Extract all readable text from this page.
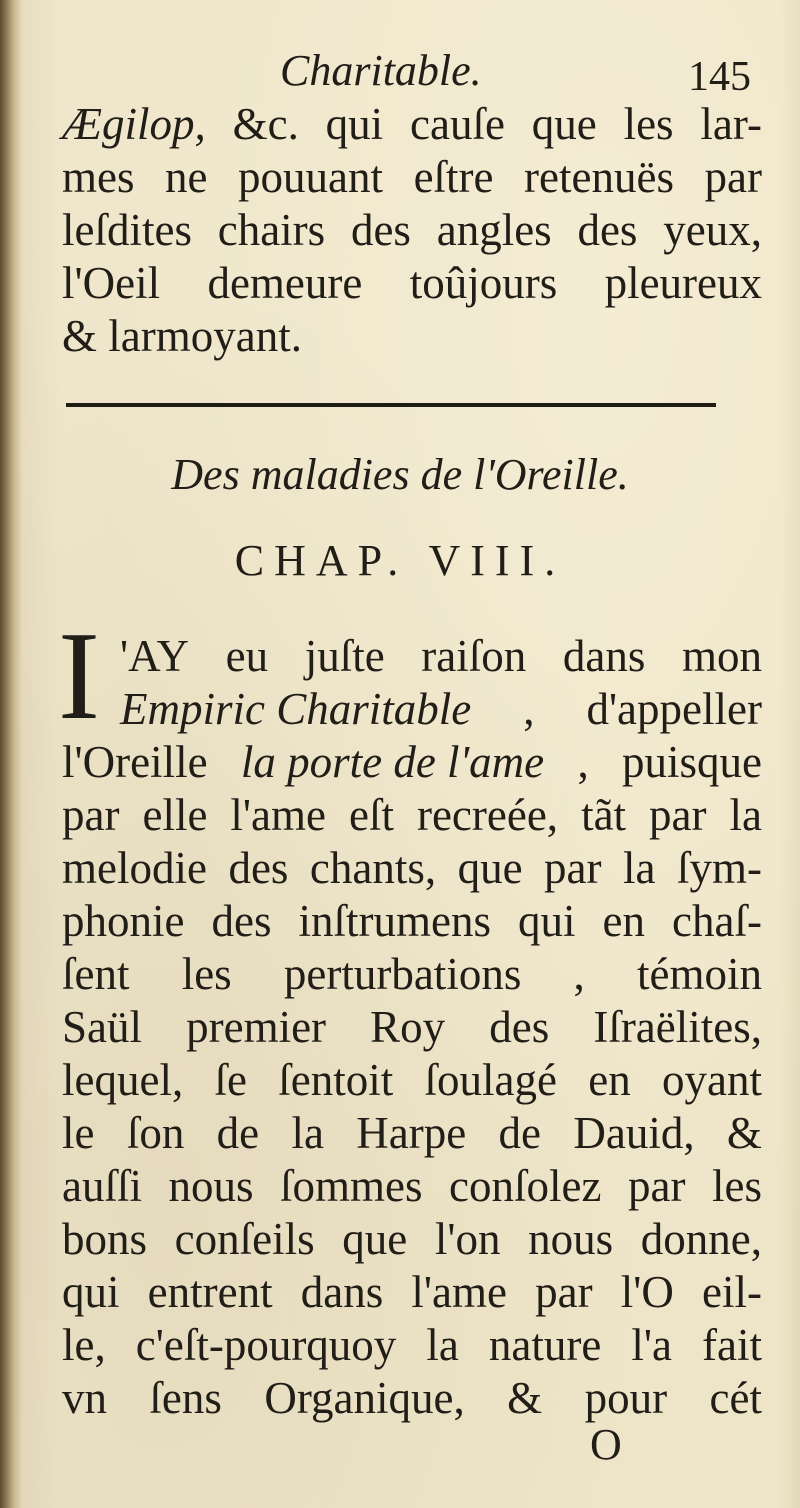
Charitable.	145
Ægilop, &c. qui cauſe que les lar-
mes ne pouuant eſtre retenuës par
leſdites chairs des angles des yeux,
l'Oeil demeure toûjours pleureux
&
larmoyant.
Des maladies de l'Oreille.
CHAP. VIII.
I 'AY eu juſte raiſon dans mon
Empiric Charitable , d'appeller
l'Oreille la porte de l'ame , puisque
par elle l'ame eſt recreée, tãt par la
melodie des chants, que par la ſym-
phonie des inſtrumens qui en chaſ-
ſent les perturbations , témoin
Saül premier Roy des Iſraëlites,
lequel, ſe ſentoit ſoulagé en oyant
le ſon de la Harpe de Dauid, &
auſſi nous ſommes conſolez par les
bons conſeils que l'on nous donne,
qui entrent dans l'ame par l'O eil-
le, c'eſt-pourquoy la nature l'a fait
vn ſens Organique, & pour cét
O
